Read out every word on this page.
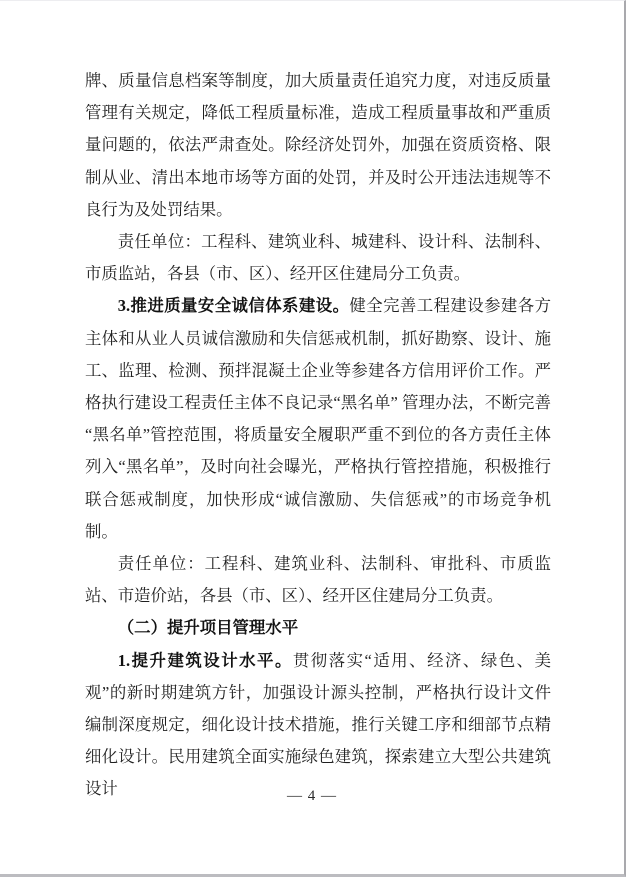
牌、质量信息档案等制度，加大质量责任追究力度，对违反质量管理有关规定，降低工程质量标准，造成工程质量事故和严重质量问题的，依法严肃查处。除经济处罚外，加强在资质资格、限制从业、清出本地市场等方面的处罚，并及时公开违法违规等不良行为及处罚结果。

责任单位：工程科、建筑业科、城建科、设计科、法制科、市质监站，各县（市、区）、经开区住建局分工负责。

3.推进质量安全诚信体系建设。健全完善工程建设参建各方主体和从业人员诚信激励和失信惩戒机制，抓好勘察、设计、施工、监理、检测、预拌混凝土企业等参建各方信用评价工作。严格执行建设工程责任主体不良记录“黑名单” 管理办法，不断完善 “黑名单”管控范围，将质量安全履职严重不到位的各方责任主体列入“黑名单”，及时向社会曝光，严格执行管控措施，积极推行联合惩戒制度，加快形成“诚信激励、失信惩戒”的市场竞争机制。

责任单位：工程科、建筑业科、法制科、审批科、市质监站、市造价站，各县（市、区）、经开区住建局分工负责。

（二）提升项目管理水平

1.提升建筑设计水平。贯彻落实“适用、经济、绿色、美观”的新时期建筑方针，加强设计源头控制，严格执行设计文件编制深度规定，细化设计技术措施，推行关键工序和细部节点精细化设计。民用建筑全面实施绿色建筑，探索建立大型公共建筑设计	— 4 —
